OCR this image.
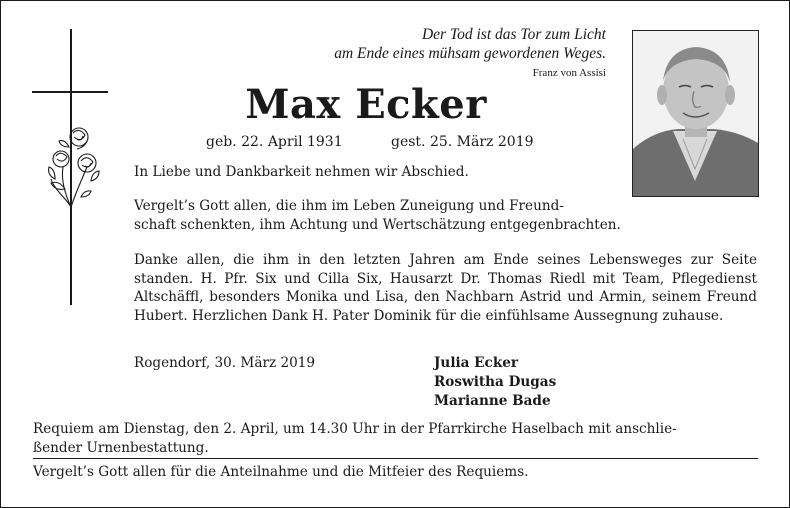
Der Tod ist das Tor zum Licht
am Ende eines mühsam gewordenen Weges.
Franz von Assisi
Max Ecker
geb. 22. April 1931	gest. 25. März 2019
In Liebe und Dankbarkeit nehmen wir Abschied.
Vergelt’s Gott allen, die ihm im Leben Zuneigung und Freund-
schaft schenkten, ihm Achtung und Wertschätzung entgegenbrachten.
Danke allen, die ihm in den letzten Jahren am Ende seines Lebensweges zur Seite standen. H. Pfr. Six und Cilla Six, Hausarzt Dr. Thomas Riedl mit Team, Pflegedienst Altschäffl, besonders Monika und Lisa, den Nachbarn Astrid und Armin, seinem Freund Hubert. Herzlichen Dank H. Pater Dominik für die einfühlsame Aussegnung zuhause.
Rogendorf, 30. März 2019	Julia Ecker
Roswitha Dugas
Marianne Bade
Requiem am Dienstag, den 2. April, um 14.30 Uhr in der Pfarrkirche Haselbach mit anschlie-
ßender Urnenbestattung.
Vergelt’s Gott allen für die Anteilnahme und die Mitfeier des Requiems.
